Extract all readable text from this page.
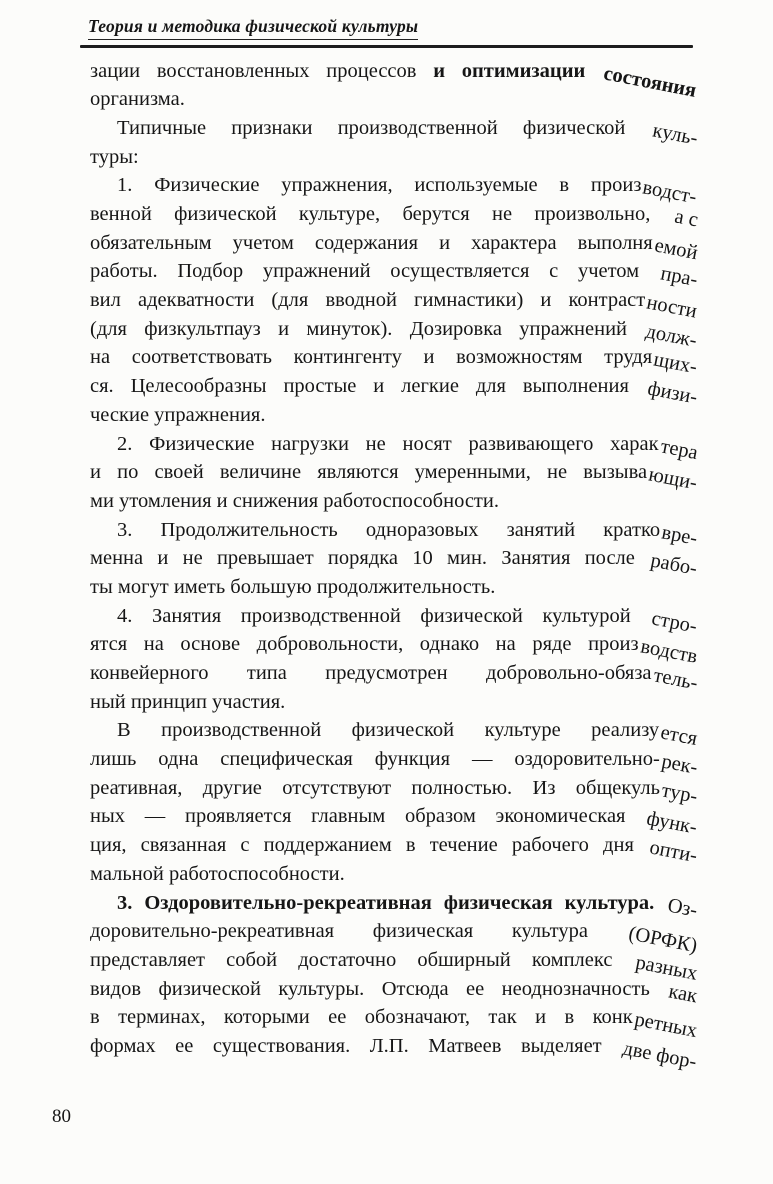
Теория и методика физической культуры
зации восстановленных процессов и оптимизации состояния
организма.
Типичные признаки производственной физической куль-
туры:
1. Физические упражнения, используемые в производст-
венной физической культуре, берутся не произвольно, а с
обязательным учетом содержания и характера выполняемой
работы. Подбор упражнений осуществляется с учетом пра-
вил адекватности (для вводной гимнастики) и контрастности
(для физкультпауз и минуток). Дозировка упражнений долж-
на соответствовать контингенту и возможностям трудящих-
ся. Целесообразны простые и легкие для выполнения физи-
ческие упражнения.
2. Физические нагрузки не носят развивающего характера
и по своей величине являются умеренными, не вызывающи-
ми утомления и снижения работоспособности.
3. Продолжительность одноразовых занятий кратковре-
менна и не превышает порядка 10 мин. Занятия после рабо-
ты могут иметь большую продолжительность.
4. Занятия производственной физической культурой стро-
ятся на основе добровольности, однако на ряде производств
конвейерного типа предусмотрен добровольно-обязатель-
ный принцип участия.
В производственной физической культуре реализуется
лишь одна специфическая функция — оздоровительно-рек-
реативная, другие отсутствуют полностью. Из общекультур-
ных — проявляется главным образом экономическая функ-
ция, связанная с поддержанием в течение рабочего дня опти-
мальной работоспособности.
3. Оздоровительно-рекреативная физическая культура. Оз-
доровительно-рекреативная физическая культура (ОРФК)
представляет собой достаточно обширный комплекс разных
видов физической культуры. Отсюда ее неоднозначность как
в терминах, которыми ее обозначают, так и в конкретных
формах ее существования. Л.П. Матвеев выделяет две фор-
80
